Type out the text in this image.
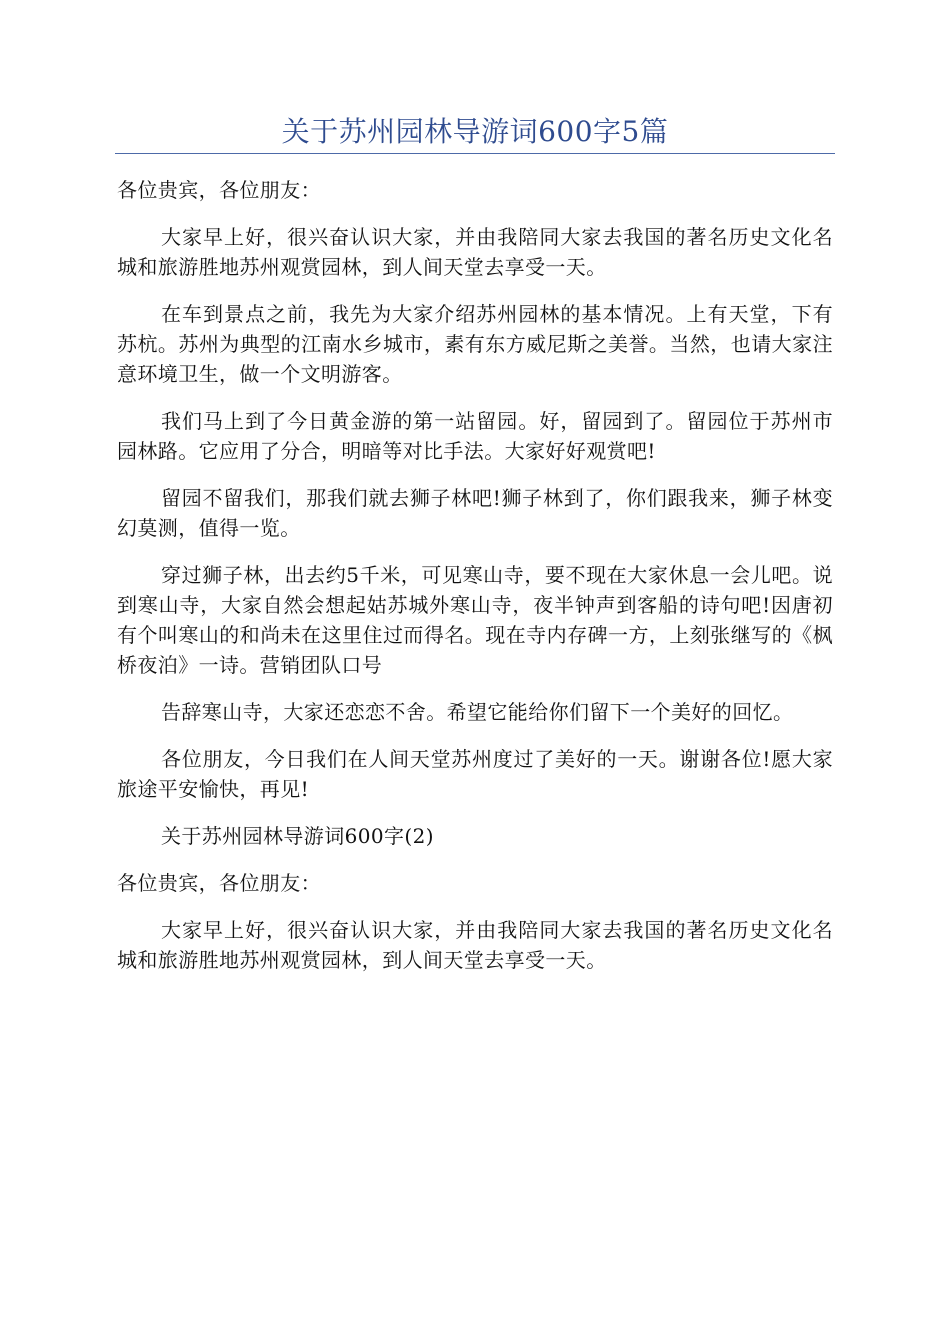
关于苏州园林导游词600字5篇

各位贵宾，各位朋友：

大家早上好，很兴奋认识大家，并由我陪同大家去我国的著名历史文化名城和旅游胜地苏州观赏园林，到人间天堂去享受一天。

在车到景点之前，我先为大家介绍苏州园林的基本情况。上有天堂，下有苏杭。苏州为典型的江南水乡城市，素有东方威尼斯之美誉。当然，也请大家注意环境卫生，做一个文明游客。

我们马上到了今日黄金游的第一站留园。好，留园到了。留园位于苏州市园林路。它应用了分合，明暗等对比手法。大家好好观赏吧!

留园不留我们，那我们就去狮子林吧!狮子林到了，你们跟我来，狮子林变幻莫测，值得一览。

穿过狮子林，出去约5千米，可见寒山寺，要不现在大家休息一会儿吧。说到寒山寺，大家自然会想起姑苏城外寒山寺，夜半钟声到客船的诗句吧!因唐初有个叫寒山的和尚未在这里住过而得名。现在寺内存碑一方，上刻张继写的《枫桥夜泊》一诗。营销团队口号

告辞寒山寺，大家还恋恋不舍。希望它能给你们留下一个美好的回忆。

各位朋友，今日我们在人间天堂苏州度过了美好的一天。谢谢各位!愿大家旅途平安愉快，再见!

关于苏州园林导游词600字(2)

各位贵宾，各位朋友：

大家早上好，很兴奋认识大家，并由我陪同大家去我国的著名历史文化名城和旅游胜地苏州观赏园林，到人间天堂去享受一天。
